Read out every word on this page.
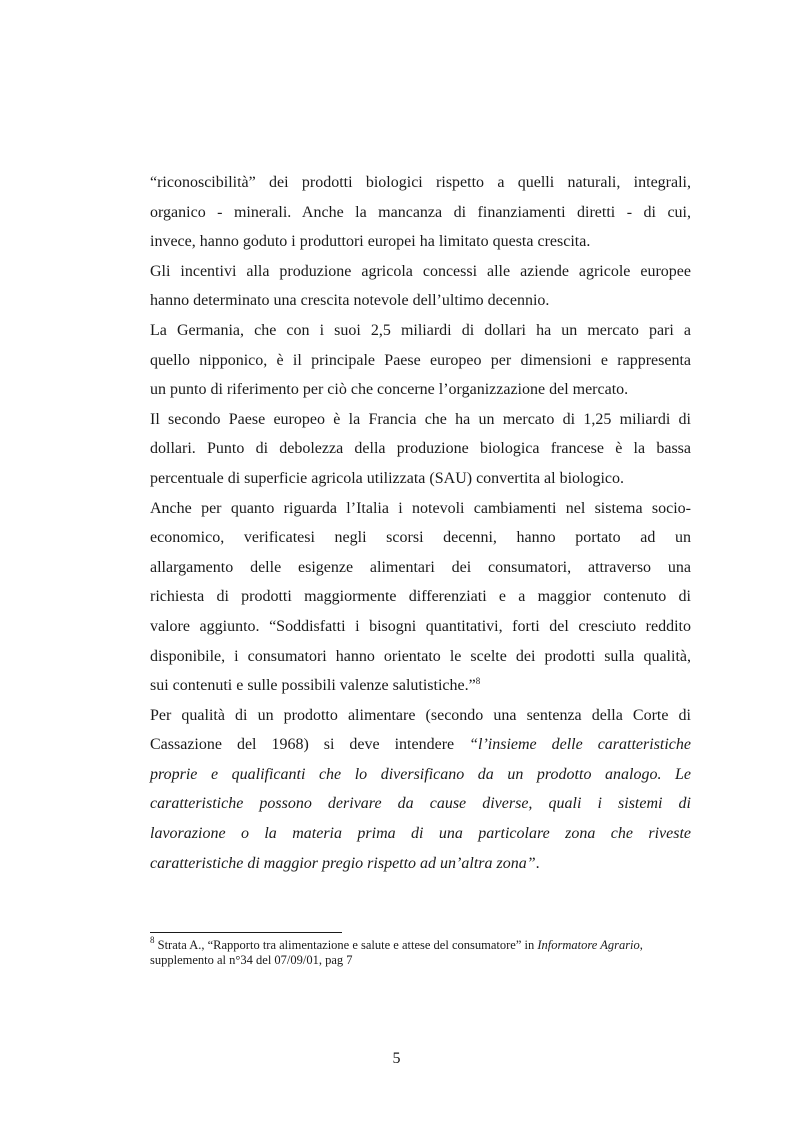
“riconoscibilità” dei prodotti biologici rispetto a quelli naturali, integrali,
organico - minerali. Anche la mancanza di finanziamenti diretti - di cui,
invece, hanno goduto i produttori europei ha limitato questa crescita.
Gli incentivi alla produzione agricola concessi alle aziende agricole europee
hanno determinato una crescita notevole dell’ultimo decennio.
La Germania, che con i suoi 2,5 miliardi di dollari ha un mercato pari a
quello nipponico, è il principale Paese europeo per dimensioni e rappresenta
un punto di riferimento per ciò che concerne l’organizzazione del mercato.
Il secondo Paese europeo è la Francia che ha un mercato di 1,25 miliardi di
dollari. Punto di debolezza della produzione biologica francese è la bassa
percentuale di superficie agricola utilizzata (SAU) convertita al biologico.
Anche per quanto riguarda l’Italia i notevoli cambiamenti nel sistema socio-
economico, verificatesi negli scorsi decenni, hanno portato ad un
allargamento delle esigenze alimentari dei consumatori, attraverso una
richiesta di prodotti maggiormente differenziati e a maggior contenuto di
valore aggiunto. “Soddisfatti i bisogni quantitativi, forti del cresciuto reddito
disponibile, i consumatori hanno orientato le scelte dei prodotti sulla qualità,
sui contenuti e sulle possibili valenze salutistiche.”$^8$
Per qualità di un prodotto alimentare (secondo una sentenza della Corte di
Cassazione del 1968) si deve intendere “l’insieme delle caratteristiche
proprie e qualificanti che lo diversificano da un prodotto analogo. Le
caratteristiche possono derivare da cause diverse, quali i sistemi di
lavorazione o la materia prima di una particolare zona che riveste
caratteristiche di maggior pregio rispetto ad un’altra zona”.
$^8$ Strata A., “Rapporto tra alimentazione e salute e attese del consumatore” in Informatore Agrario,
supplemento al n°34 del 07/09/01, pag 7
5
